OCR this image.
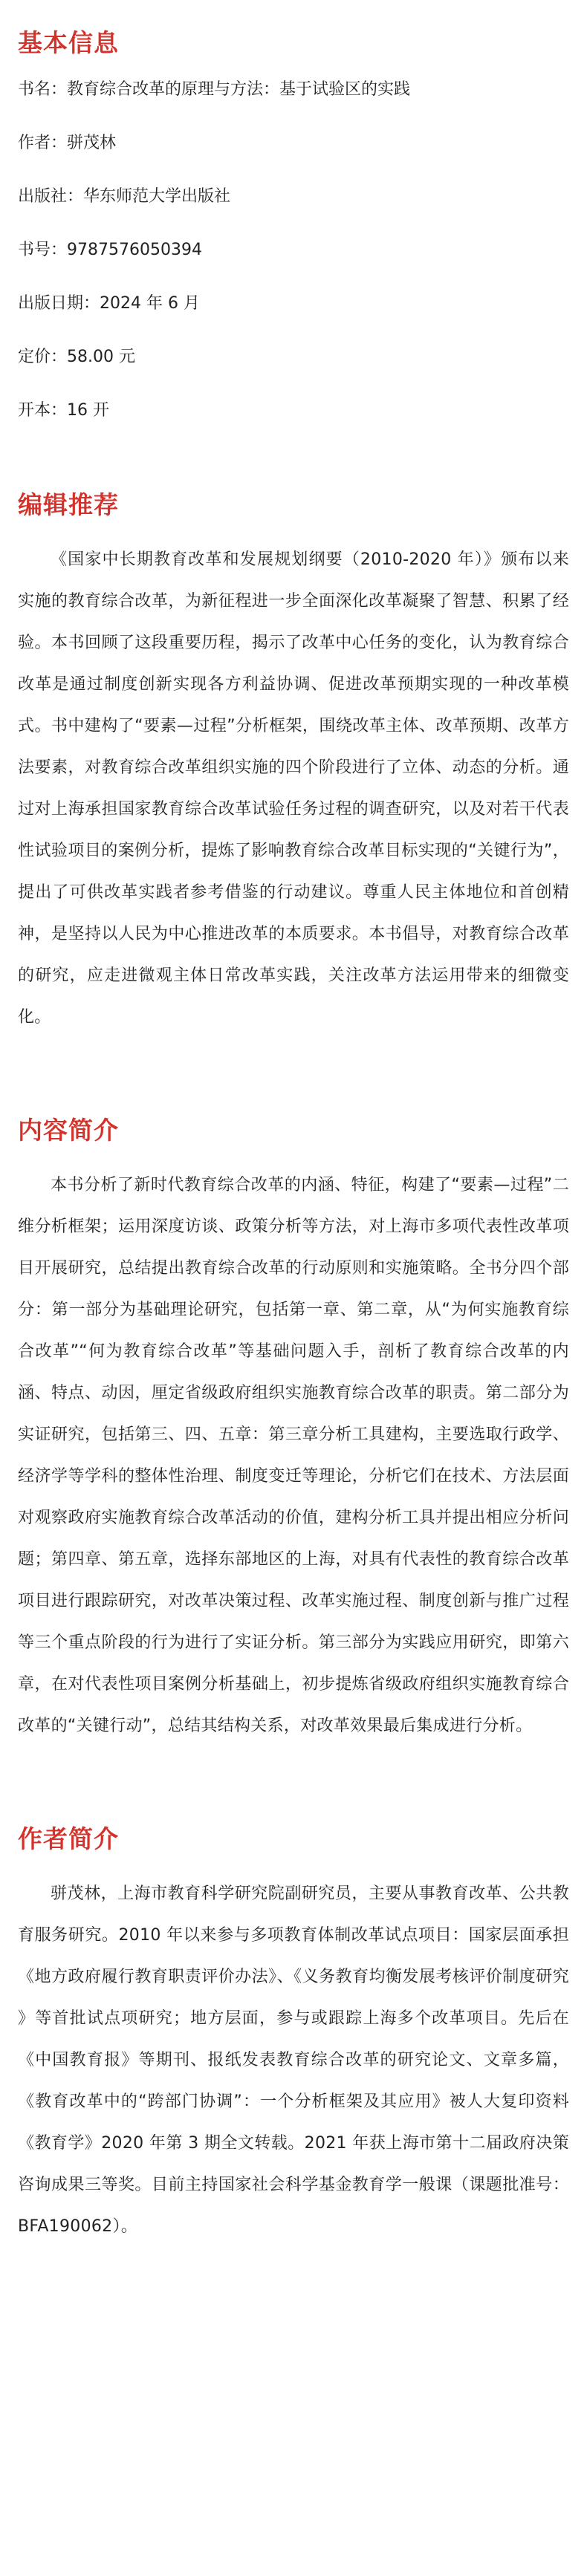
基本信息
书名：教育综合改革的原理与方法：基于试验区的实践
作者：骈茂林
出版社：华东师范大学出版社
书号：9787576050394
出版日期：2024 年 6 月
定价：58.00 元
开本：16 开
编辑推荐

《国家中长期教育改革和发展规划纲要（2010-2020 年）》颁布以来实施的教育综合改革，为新征程进一步全面深化改革凝聚了智慧、积累了经验。本书回顾了这段重要历程，揭示了改革中心任务的变化，认为教育综合改革是通过制度创新实现各方利益协调、促进改革预期实现的一种改革模式。书中建构了“要素—过程”分析框架，围绕改革主体、改革预期、改革方法要素，对教育综合改革组织实施的四个阶段进行了立体、动态的分析。通过对上海承担国家教育综合改革试验任务过程的调查研究，以及对若干代表性试验项目的案例分析，提炼了影响教育综合改革目标实现的“关键行为”，提出了可供改革实践者参考借鉴的行动建议。尊重人民主体地位和首创精神，是坚持以人民为中心推进改革的本质要求。本书倡导，对教育综合改革的研究，应走进微观主体日常改革实践，关注改革方法运用带来的细微变化。

内容简介

本书分析了新时代教育综合改革的内涵、特征，构建了“要素—过程”二维分析框架；运用深度访谈、政策分析等方法，对上海市多项代表性改革项目开展研究，总结提出教育综合改革的行动原则和实施策略。全书分四个部分：第一部分为基础理论研究，包括第一章、第二章，从“为何实施教育综合改革”“何为教育综合改革”等基础问题入手，剖析了教育综合改革的内涵、特点、动因，厘定省级政府组织实施教育综合改革的职责。第二部分为实证研究，包括第三、四、五章：第三章分析工具建构，主要选取行政学、经济学等学科的整体性治理、制度变迁等理论，分析它们在技术、方法层面对观察政府实施教育综合改革活动的价值，建构分析工具并提出相应分析问题；第四章、第五章，选择东部地区的上海，对具有代表性的教育综合改革项目进行跟踪研究，对改革决策过程、改革实施过程、制度创新与推广过程等三个重点阶段的行为进行了实证分析。第三部分为实践应用研究，即第六章，在对代表性项目案例分析基础上，初步提炼省级政府组织实施教育综合改革的“关键行动”，总结其结构关系，对改革效果最后集成进行分析。

作者简介

骈茂林，上海市教育科学研究院副研究员，主要从事教育改革、公共教育服务研究。2010 年以来参与多项教育体制改革试点项目：国家层面承担《地方政府履行教育职责评价办法》、《义务教育均衡发展考核评价制度研究 》等首批试点项研究；地方层面，参与或跟踪上海多个改革项目。先后在《中国教育报》等期刊、报纸发表教育综合改革的研究论文、文章多篇，《教育改革中的“跨部门协调”：一个分析框架及其应用》被人大复印资料《教育学》2020 年第 3 期全文转载。2021 年获上海市第十二届政府决策咨询成果三等奖。目前主持国家社会科学基金教育学一般课（课题批准号：BFA190062）。
